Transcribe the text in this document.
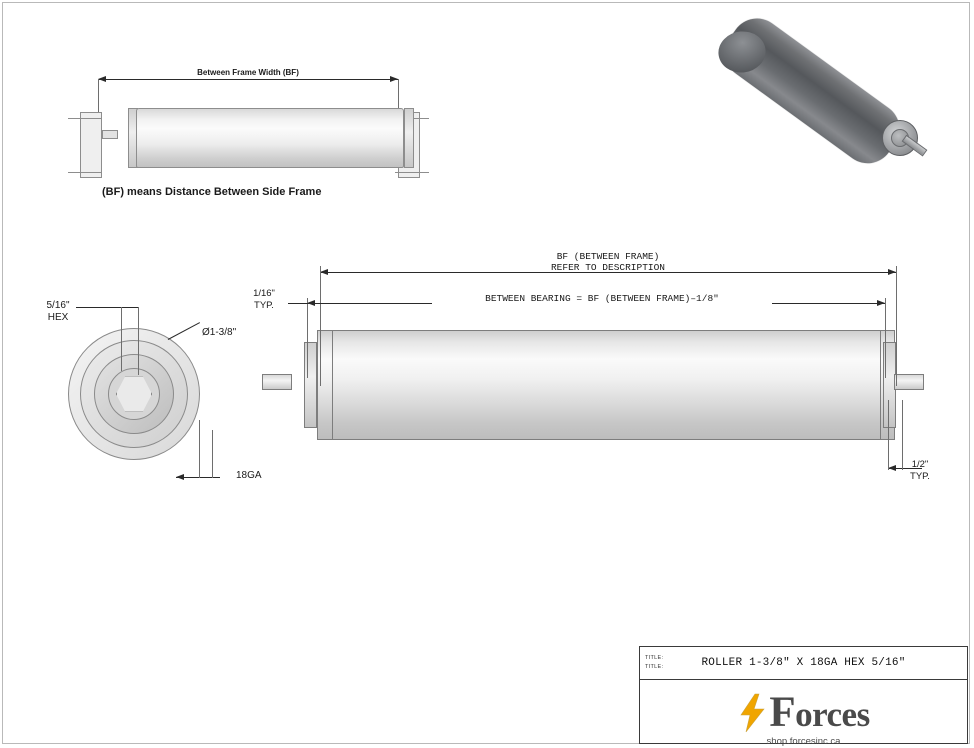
Between Frame Width (BF)
(BF) means Distance Between Side Frame
5/16"
HEX
Ø1-3/8"
18GA
BF (BETWEEN FRAME)
REFER TO DESCRIPTION
BETWEEN BEARING = BF (BETWEEN FRAME)–1/8"
1/16"
TYP.
1/2"
TYP.
TITLE:
TITLE:	ROLLER 1-3/8" X 18GA HEX 5/16"
Forces
shop.forcesinc.ca
